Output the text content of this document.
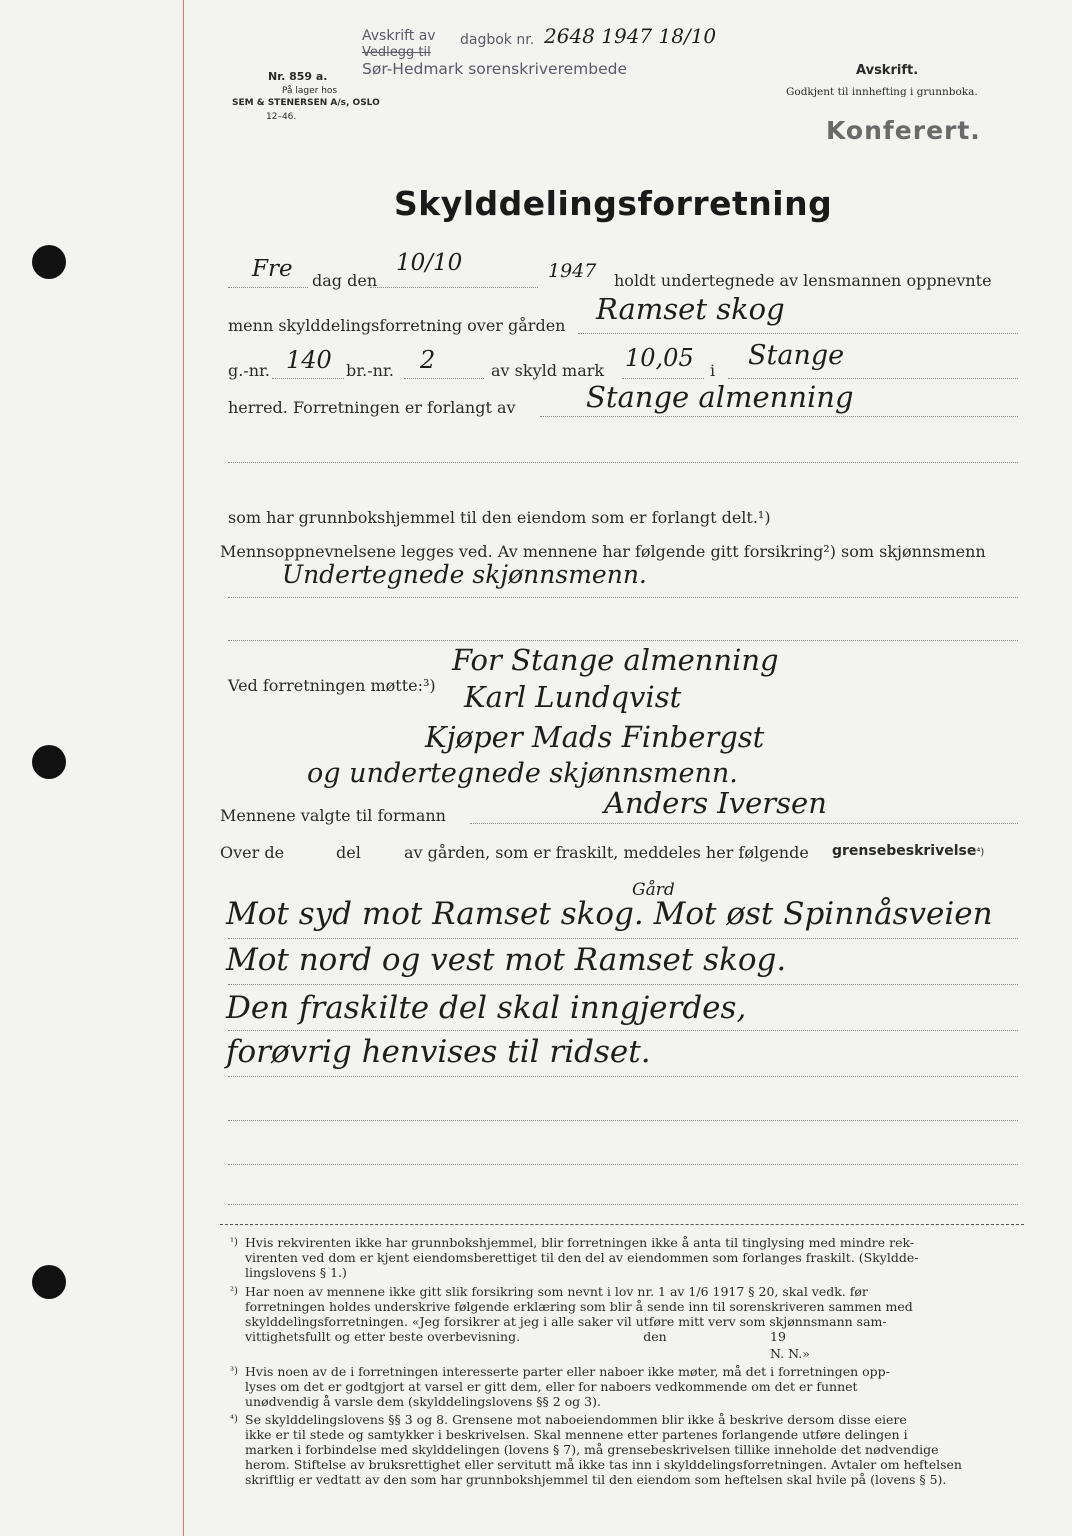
Nr. 859 a.
På lager hos
SEM & STENERSEN A/s, OSLO
12–46.
Avskrift av
Vedlegg til
dagbok nr. 2648 1947 18/10
Sør-Hedmark sorenskriverembede	Avskrift.
Godkjent til innhefting i grunnboka.
Konferert.
Skylddelingsforretning
Fre dag den
10/10	1947 holdt undertegnede av lensmannen oppnevnte
menn skylddelingsforretning over gården Ramset skog
g.-nr. 140 br.-nr. 2	av skyld mark 10,05 i Stange
herred. Forretningen er forlangt av Stange almenning
som har grunnbokshjemmel til den eiendom som er forlangt delt.¹)
Mennsoppnevnelsene legges ved. Av mennene har følgende gitt forsikring²) som skjønnsmenn
Undertegnede skjønnsmenn.
Ved forretningen møtte:³)
For Stange almenning
Karl Lundqvist
Kjøper Mads Finbergst
og undertegnede skjønnsmenn.
Mennene valgte til formann	Anders Iversen
Over de	del	av gården, som er fraskilt, meddeles her følgende grensebeskrivelse⁴)
Gård
Mot syd mot Ramset skog. Mot øst Spinnåsveien
Mot nord og vest mot Ramset skog.
Den fraskilte del skal inngjerdes,
forøvrig henvises til ridset.
¹) Hvis rekvirenten ikke har grunnbokshjemmel, blir forretningen ikke å anta til tinglysing med mindre rek-
virenten ved dom er kjent eiendomsberettiget til den del av eiendommen som forlanges fraskilt. (Skyldde-
lingslovens § 1.)
²) Har noen av mennene ikke gitt slik forsikring som nevnt i lov nr. 1 av 1/6 1917 § 20, skal vedk. før
forretningen holdes underskrive følgende erklæring som blir å sende inn til sorenskriveren sammen med
skylddelingsforretningen. «Jeg forsikrer at jeg i alle saker vil utføre mitt verv som skjønnsmann sam-
vittighetsfullt og etter beste overbevisning.                               den                          19
N. N.»
³) Hvis noen av de i forretningen interesserte parter eller naboer ikke møter, må det i forretningen opp-
lyses om det er godtgjort at varsel er gitt dem, eller for naboers vedkommende om det er funnet
unødvendig å varsle dem (skylddelingslovens §§ 2 og 3).
⁴) Se skylddelingslovens §§ 3 og 8. Grensene mot naboeiendommen blir ikke å beskrive dersom disse eiere
ikke er til stede og samtykker i beskrivelsen. Skal mennene etter partenes forlangende utføre delingen i
marken i forbindelse med skylddelingen (lovens § 7), må grensebeskrivelsen tillike inneholde det nødvendige
herom. Stiftelse av bruksrettighet eller servitutt må ikke tas inn i skylddelingsforretningen. Avtaler om heftelsen
skriftlig er vedtatt av den som har grunnbokshjemmel til den eiendom som heftelsen skal hvile på (lovens § 5).
